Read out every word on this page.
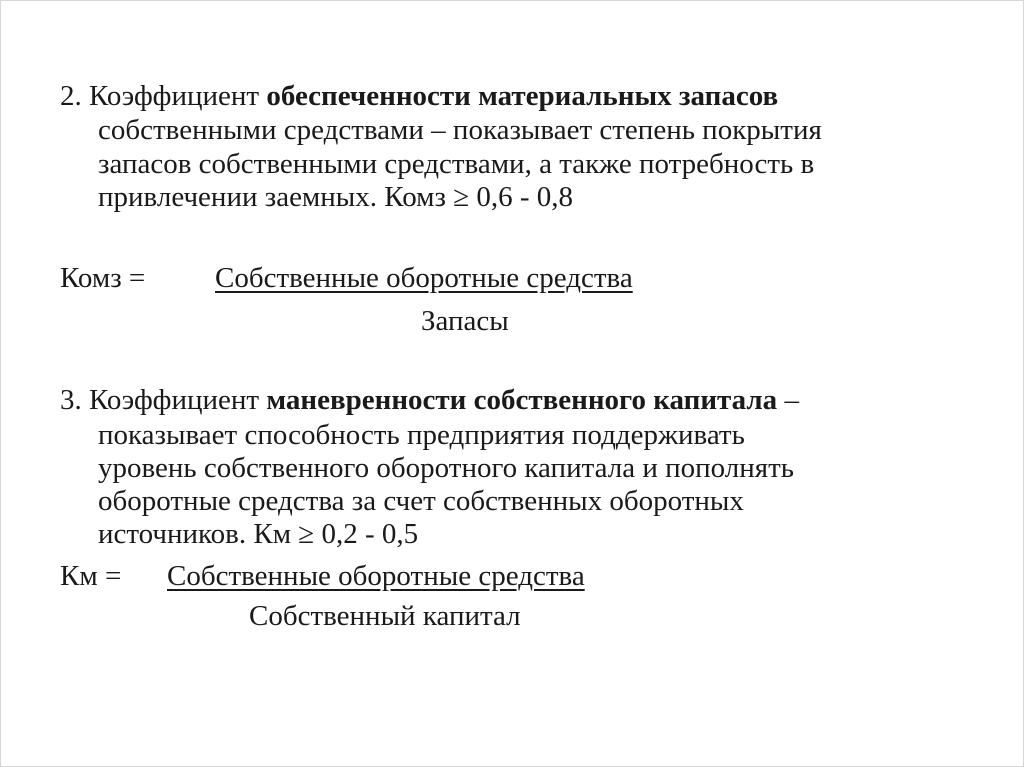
2. Коэффициент обеспеченности материальных запасов
собственными средствами – показывает степень покрытия
запасов собственными средствами, а также потребность в
привлечении заемных. Комз ≥ 0,6 - 0,8
Комз = Собственные оборотные средства
Запасы
3. Коэффициент маневренности собственного капитала –
показывает способность предприятия поддерживать
уровень собственного оборотного капитала и пополнять
оборотные средства за счет собственных оборотных
источников. Км ≥ 0,2 - 0,5
Км = Собственные оборотные средства
Собственный капитал
